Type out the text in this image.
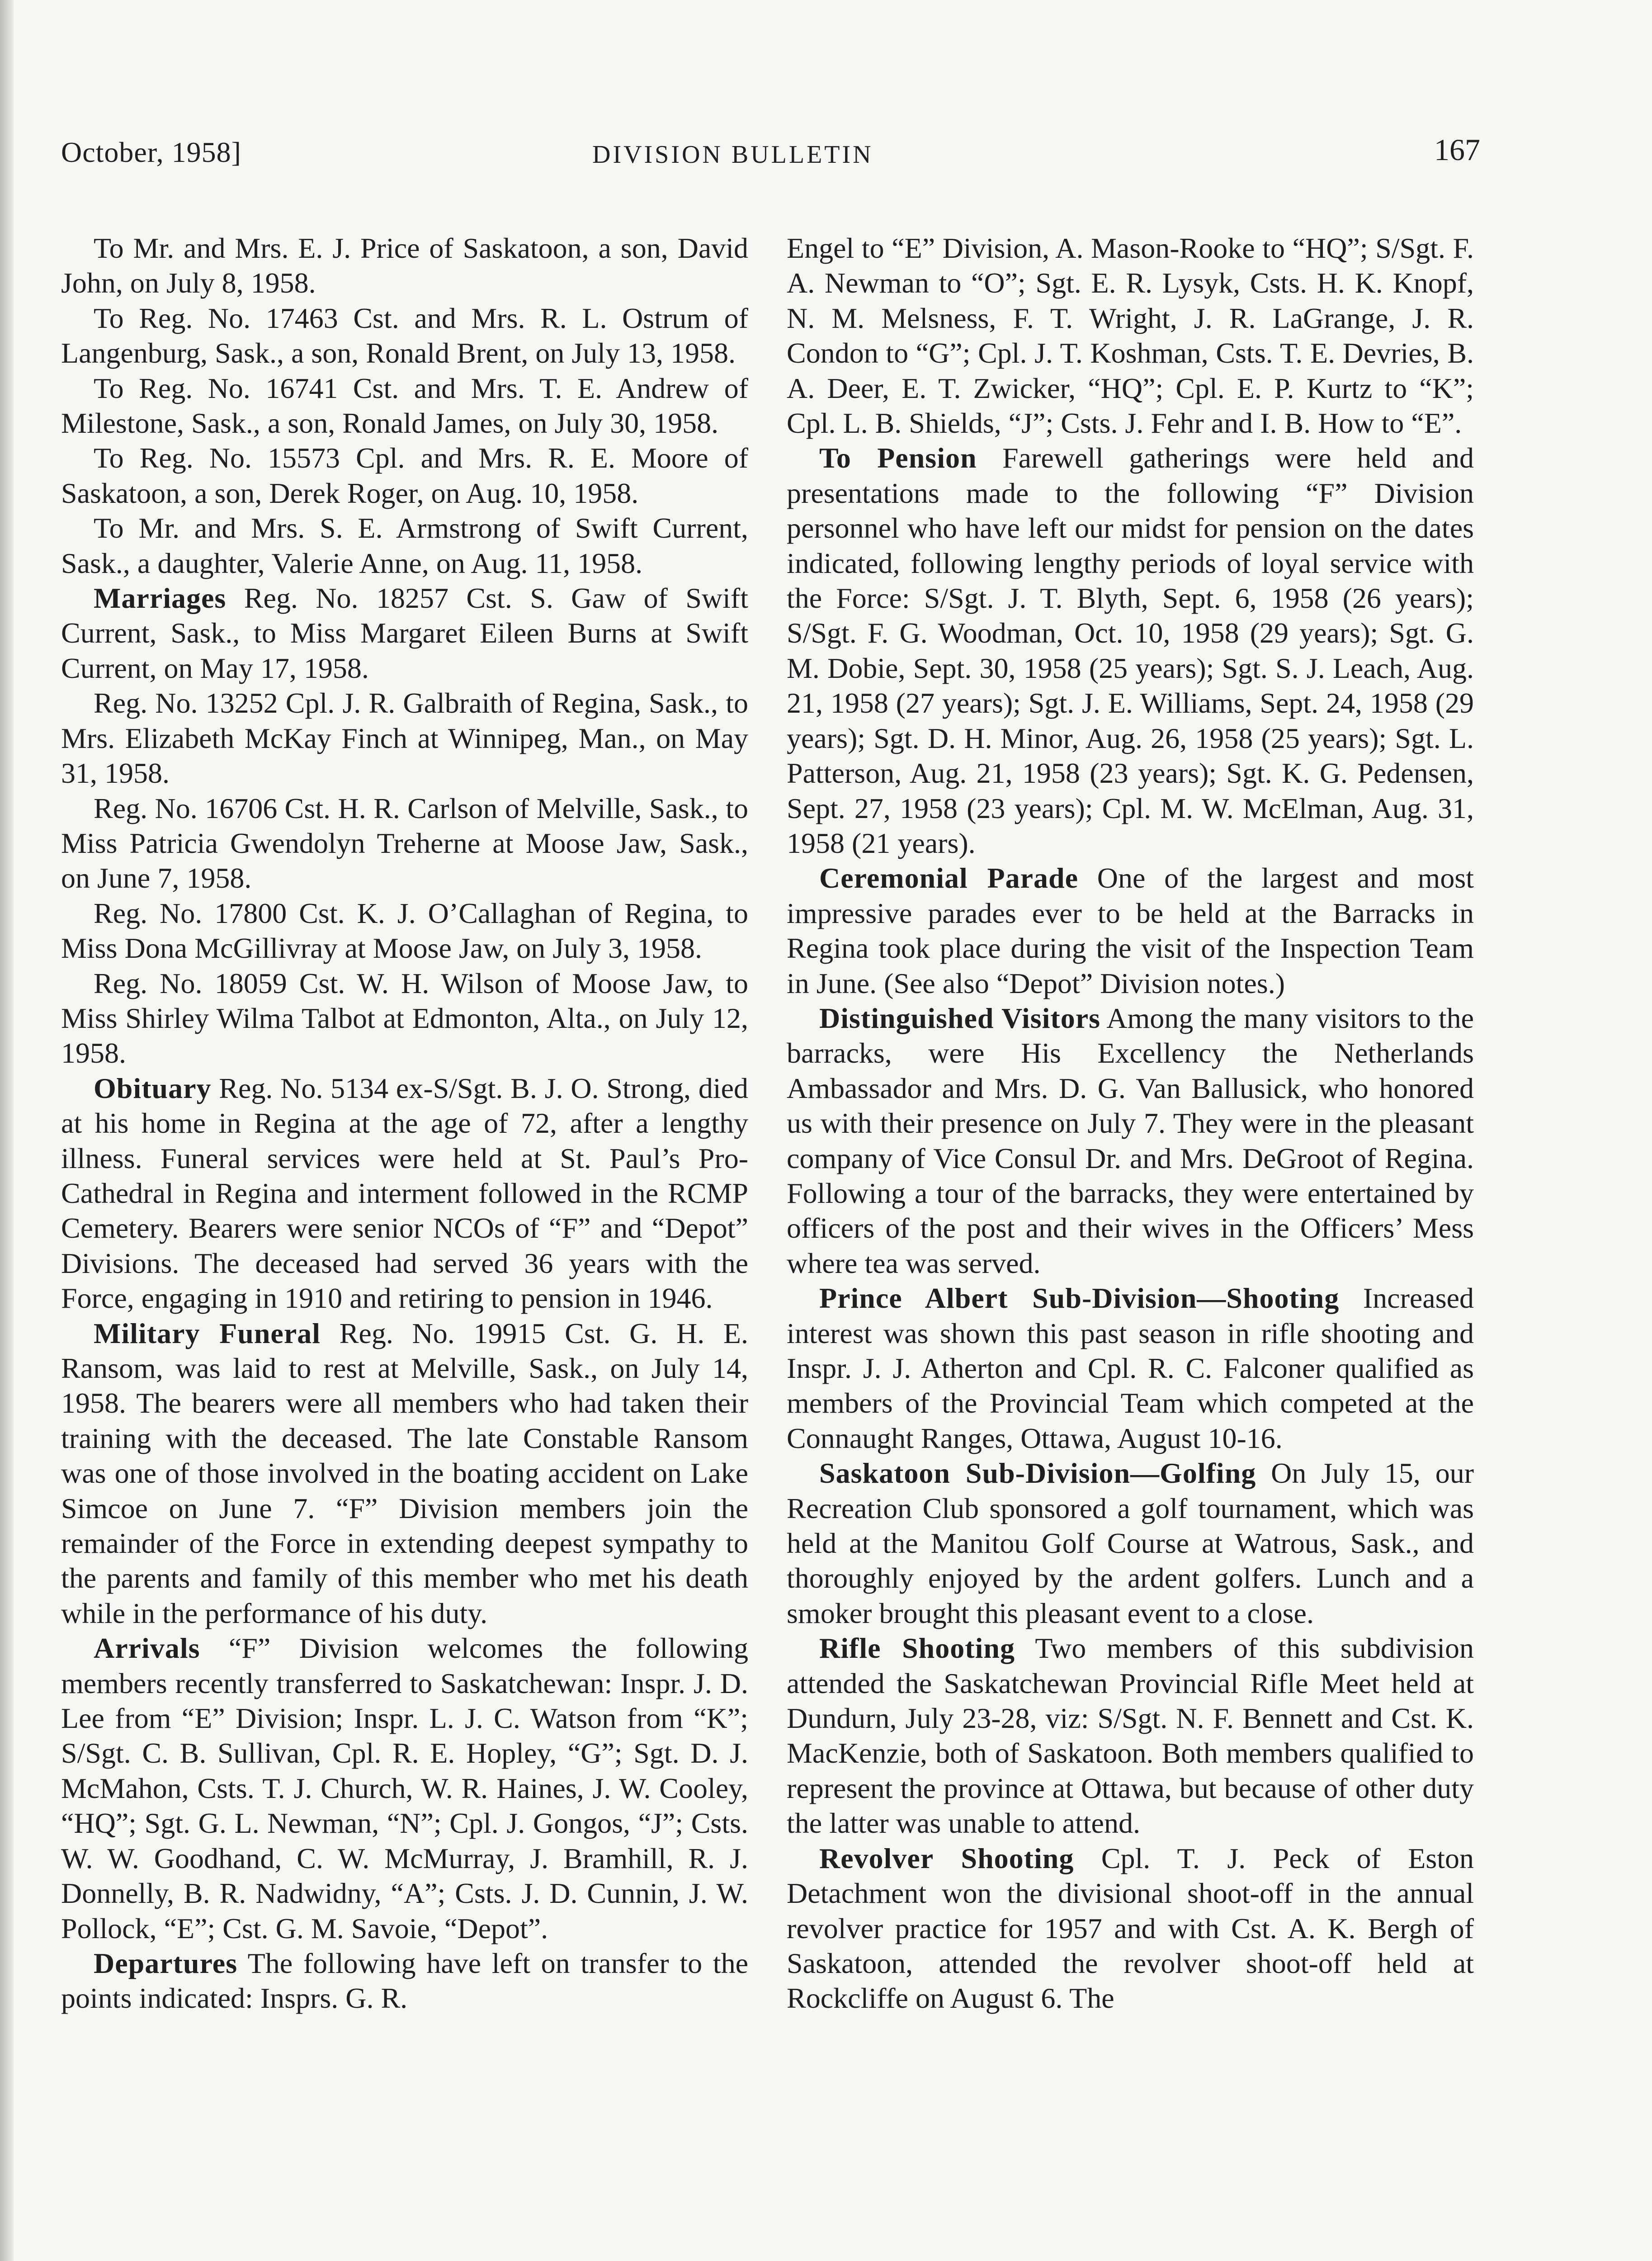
October, 1958]	DIVISION BULLETIN	167

To Mr. and Mrs. E. J. Price of Saskatoon, a son, David John, on July 8, 1958.

To Reg. No. 17463 Cst. and Mrs. R. L. Ostrum of Langenburg, Sask., a son, Ronald Brent, on July 13, 1958.

To Reg. No. 16741 Cst. and Mrs. T. E. Andrew of Milestone, Sask., a son, Ronald James, on July 30, 1958.

To Reg. No. 15573 Cpl. and Mrs. R. E. Moore of Saskatoon, a son, Derek Roger, on Aug. 10, 1958.

To Mr. and Mrs. S. E. Armstrong of Swift Current, Sask., a daughter, Valerie Anne, on Aug. 11, 1958.

Marriages Reg. No. 18257 Cst. S. Gaw of Swift Current, Sask., to Miss Margaret Eileen Burns at Swift Current, on May 17, 1958.

Reg. No. 13252 Cpl. J. R. Galbraith of Regina, Sask., to Mrs. Elizabeth McKay Finch at Winnipeg, Man., on May 31, 1958.

Reg. No. 16706 Cst. H. R. Carlson of Melville, Sask., to Miss Patricia Gwendolyn Treherne at Moose Jaw, Sask., on June 7, 1958.

Reg. No. 17800 Cst. K. J. O’Callaghan of Regina, to Miss Dona McGillivray at Moose Jaw, on July 3, 1958.

Reg. No. 18059 Cst. W. H. Wilson of Moose Jaw, to Miss Shirley Wilma Talbot at Edmonton, Alta., on July 12, 1958.

Obituary Reg. No. 5134 ex-S/Sgt. B. J. O. Strong, died at his home in Regina at the age of 72, after a lengthy illness. Funeral services were held at St. Paul’s Pro-Cathedral in Regina and interment followed in the RCMP Cemetery. Bearers were senior NCOs of “F” and “Depot” Divisions. The deceased had served 36 years with the Force, engaging in 1910 and retiring to pension in 1946.

Military Funeral Reg. No. 19915 Cst. G. H. E. Ransom, was laid to rest at Melville, Sask., on July 14, 1958. The bearers were all members who had taken their training with the deceased. The late Constable Ransom was one of those involved in the boating accident on Lake Simcoe on June 7. “F” Division members join the remainder of the Force in extending deepest sympathy to the parents and family of this member who met his death while in the performance of his duty.

Arrivals “F” Division welcomes the following members recently transferred to Saskatchewan: Inspr. J. D. Lee from “E” Division; Inspr. L. J. C. Watson from “K”; S/Sgt. C. B. Sullivan, Cpl. R. E. Hopley, “G”; Sgt. D. J. McMahon, Csts. T. J. Church, W. R. Haines, J. W. Cooley, “HQ”; Sgt. G. L. Newman, “N”; Cpl. J. Gongos, “J”; Csts. W. W. Goodhand, C. W. McMurray, J. Bramhill, R. J. Donnelly, B. R. Nadwidny, “A”; Csts. J. D. Cunnin, J. W. Pollock, “E”; Cst. G. M. Savoie, “Depot”.

Departures The following have left on transfer to the points indicated: Insprs. G. R.

Engel to “E” Division, A. Mason-Rooke to “HQ”; S/Sgt. F. A. Newman to “O”; Sgt. E. R. Lysyk, Csts. H. K. Knopf, N. M. Melsness, F. T. Wright, J. R. LaGrange, J. R. Condon to “G”; Cpl. J. T. Koshman, Csts. T. E. Devries, B. A. Deer, E. T. Zwicker, “HQ”; Cpl. E. P. Kurtz to “K”; Cpl. L. B. Shields, “J”; Csts. J. Fehr and I. B. How to “E”.

To Pension Farewell gatherings were held and presentations made to the following “F” Division personnel who have left our midst for pension on the dates indicated, following lengthy periods of loyal service with the Force: S/Sgt. J. T. Blyth, Sept. 6, 1958 (26 years); S/Sgt. F. G. Woodman, Oct. 10, 1958 (29 years); Sgt. G. M. Dobie, Sept. 30, 1958 (25 years); Sgt. S. J. Leach, Aug. 21, 1958 (27 years); Sgt. J. E. Williams, Sept. 24, 1958 (29 years); Sgt. D. H. Minor, Aug. 26, 1958 (25 years); Sgt. L. Patterson, Aug. 21, 1958 (23 years); Sgt. K. G. Pedensen, Sept. 27, 1958 (23 years); Cpl. M. W. McElman, Aug. 31, 1958 (21 years).

Ceremonial Parade One of the largest and most impressive parades ever to be held at the Barracks in Regina took place during the visit of the Inspection Team in June. (See also “Depot” Division notes.)

Distinguished Visitors Among the many visitors to the barracks, were His Excellency the Netherlands Ambassador and Mrs. D. G. Van Ballusick, who honored us with their presence on July 7. They were in the pleasant company of Vice Consul Dr. and Mrs. DeGroot of Regina. Following a tour of the barracks, they were entertained by officers of the post and their wives in the Officers’ Mess where tea was served.

Prince Albert Sub-Division—Shooting Increased interest was shown this past season in rifle shooting and Inspr. J. J. Atherton and Cpl. R. C. Falconer qualified as members of the Provincial Team which competed at the Connaught Ranges, Ottawa, August 10-16.

Saskatoon Sub-Division—Golfing On July 15, our Recreation Club sponsored a golf tournament, which was held at the Manitou Golf Course at Watrous, Sask., and thoroughly enjoyed by the ardent golfers. Lunch and a smoker brought this pleasant event to a close.

Rifle Shooting Two members of this subdivision attended the Saskatchewan Provincial Rifle Meet held at Dundurn, July 23-28, viz: S/Sgt. N. F. Bennett and Cst. K. MacKenzie, both of Saskatoon. Both members qualified to represent the province at Ottawa, but because of other duty the latter was unable to attend.

Revolver Shooting Cpl. T. J. Peck of Eston Detachment won the divisional shoot-off in the annual revolver practice for 1957 and with Cst. A. K. Bergh of Saskatoon, attended the revolver shoot-off held at Rockcliffe on August 6. The
